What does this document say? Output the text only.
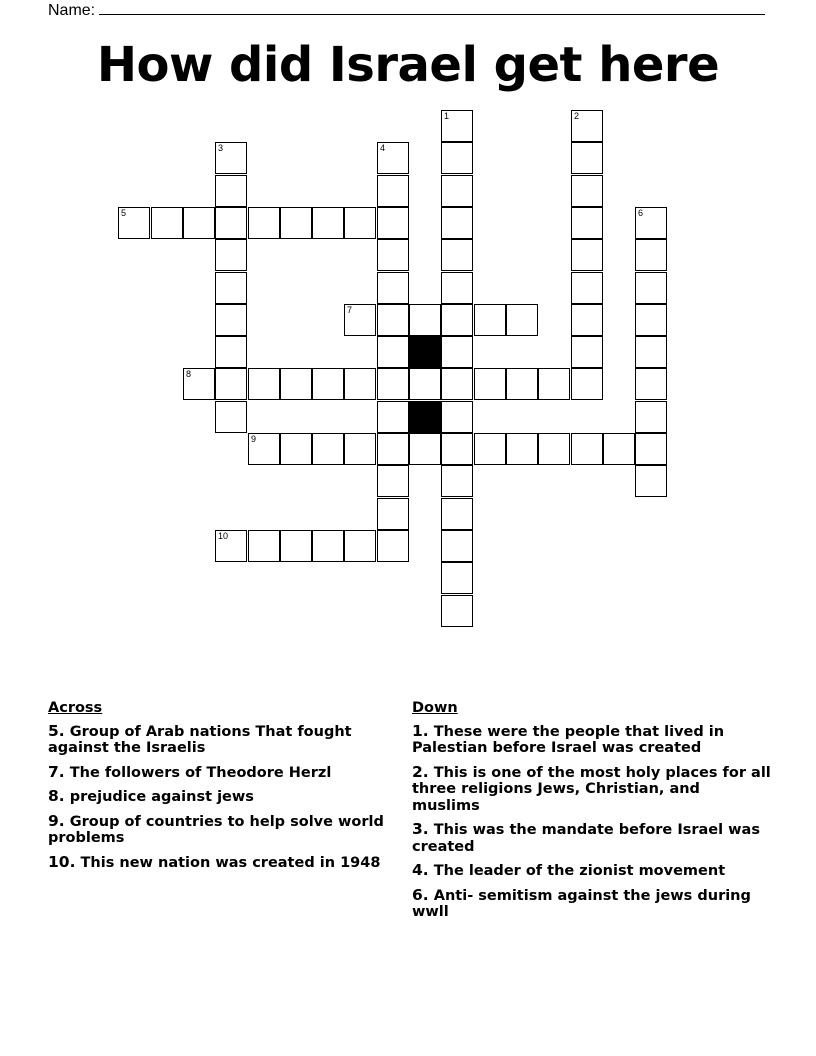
Name:
How did Israel get here
1	2
3	4
5	6
7
8
9
10
Across
5. Group of Arab nations That fought against the Israelis
7. The followers of Theodore Herzl
8. prejudice against jews
9. Group of countries to help solve world problems
10. This new nation was created in 1948
Down
1. These were the people that lived in Palestian before Israel was created
2. This is one of the most holy places for all three religions Jews, Christian, and muslims
3. This was the mandate before Israel was created
4. The leader of the zionist movement
6. Anti- semitism against the jews during wwll
